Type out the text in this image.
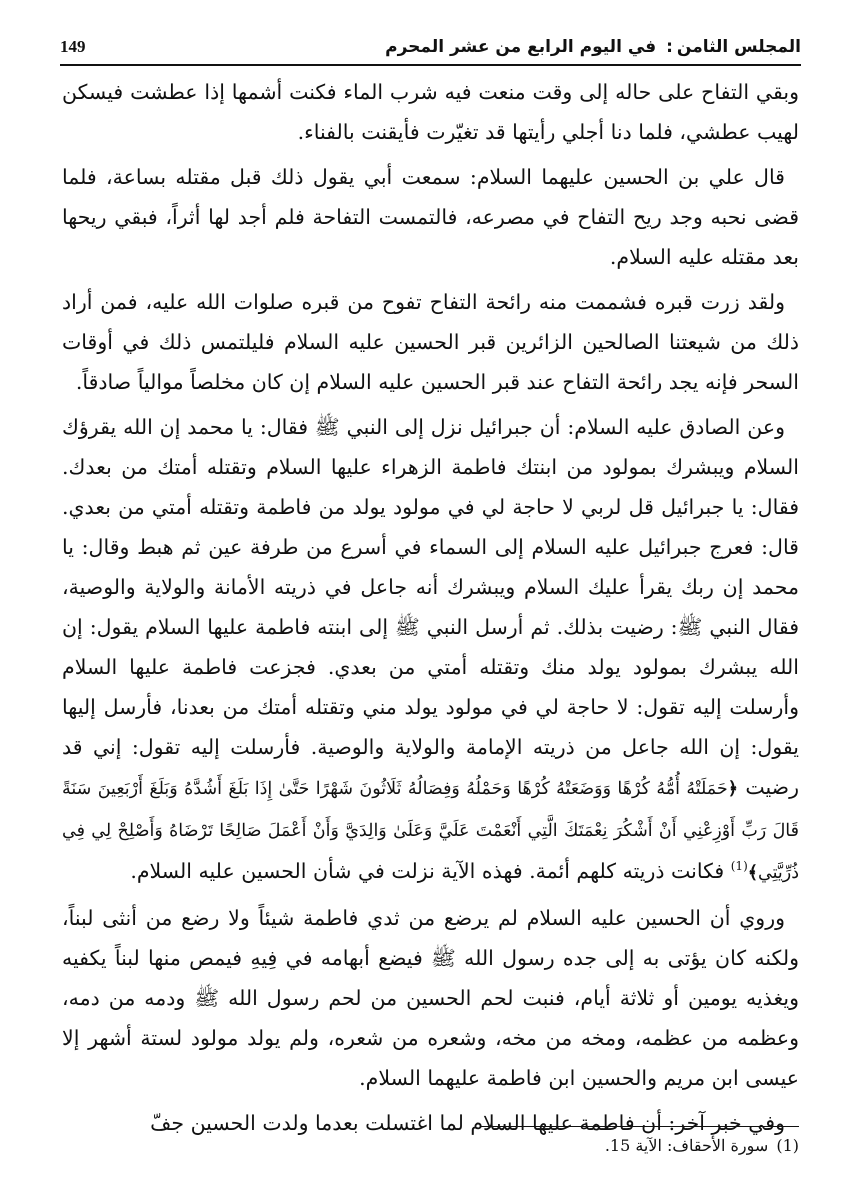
المجلس الثامن: في اليوم الرابع من عشر المحرم
149

وبقي التفاح على حاله إلى وقت منعت فيه شرب الماء فكنت أشمها إذا عطشت فيسكن لهيب عطشي، فلما دنا أجلي رأيتها قد تغيّرت فأيقنت بالفناء.

قال علي بن الحسين عليهما السلام: سمعت أبي يقول ذلك قبل مقتله بساعة، فلما قضى نحبه وجد ريح التفاح في مصرعه، فالتمست التفاحة فلم أجد لها أثراً، فبقي ريحها بعد مقتله عليه السلام.

ولقد زرت قبره فشممت منه رائحة التفاح تفوح من قبره صلوات الله عليه، فمن أراد ذلك من شيعتنا الصالحين الزائرين قبر الحسين عليه السلام فليلتمس ذلك في أوقات السحر فإنه يجد رائحة التفاح عند قبر الحسين عليه السلام إن كان مخلصاً موالياً صادقاً.

وعن الصادق عليه السلام: أن جبرائيل نزل إلى النبي ﷺ فقال: يا محمد إن الله يقرؤك السلام ويبشرك بمولود من ابنتك فاطمة الزهراء عليها السلام وتقتله أمتك من بعدك. فقال: يا جبرائيل قل لربي لا حاجة لي في مولود يولد من فاطمة وتقتله أمتي من بعدي. قال: فعرج جبرائيل عليه السلام إلى السماء في أسرع من طرفة عين ثم هبط وقال: يا محمد إن ربك يقرأ عليك السلام ويبشرك أنه جاعل في ذريته الأمانة والولاية والوصية، فقال النبي ﷺ: رضيت بذلك. ثم أرسل النبي ﷺ إلى ابنته فاطمة عليها السلام يقول: إن الله يبشرك بمولود يولد منك وتقتله أمتي من بعدي. فجزعت فاطمة عليها السلام وأرسلت إليه تقول: لا حاجة لي في مولود يولد مني وتقتله أمتك من بعدنا، فأرسل إليها يقول: إن الله جاعل من ذريته الإمامة والولاية والوصية. فأرسلت إليه تقول: إني قد رضيت ﴿حَمَلَتْهُ أُمُّهُ كُرْهًا وَوَضَعَتْهُ كُرْهًا وَحَمْلُهُ وَفِصَالُهُ ثَلَاثُونَ شَهْرًا حَتَّىٰ إِذَا بَلَغَ أَشُدَّهُ وَبَلَغَ أَرْبَعِينَ سَنَةً قَالَ رَبِّ أَوْزِعْنِي أَنْ أَشْكُرَ نِعْمَتَكَ الَّتِي أَنْعَمْتَ عَلَيَّ وَعَلَىٰ وَالِدَيَّ وَأَنْ أَعْمَلَ صَالِحًا تَرْضَاهُ وَأَصْلِحْ لِي فِي ذُرِّيَّتِي﴾$^{(1)}$ فكانت ذريته كلهم أئمة. فهذه الآية نزلت في شأن الحسين عليه السلام.

وروي أن الحسين عليه السلام لم يرضع من ثدي فاطمة شيئاً ولا رضع من أنثى لبناً، ولكنه كان يؤتى به إلى جده رسول الله ﷺ فيضع أبهامه في فِيهِ فيمص منها لبناً يكفيه ويغذيه يومين أو ثلاثة أيام، فنبت لحم الحسين من لحم رسول الله ﷺ ودمه من دمه، وعظمه من عظمه، ومخه من مخه، وشعره من شعره، ولم يولد مولود لستة أشهر إلا عيسى ابن مريم والحسين ابن فاطمة عليهما السلام.

وفي خبر آخر: أن فاطمة عليها السلام لما اغتسلت بعدما ولدت الحسين جفّ

(1)سورة الأحقاف: الآية 15.
